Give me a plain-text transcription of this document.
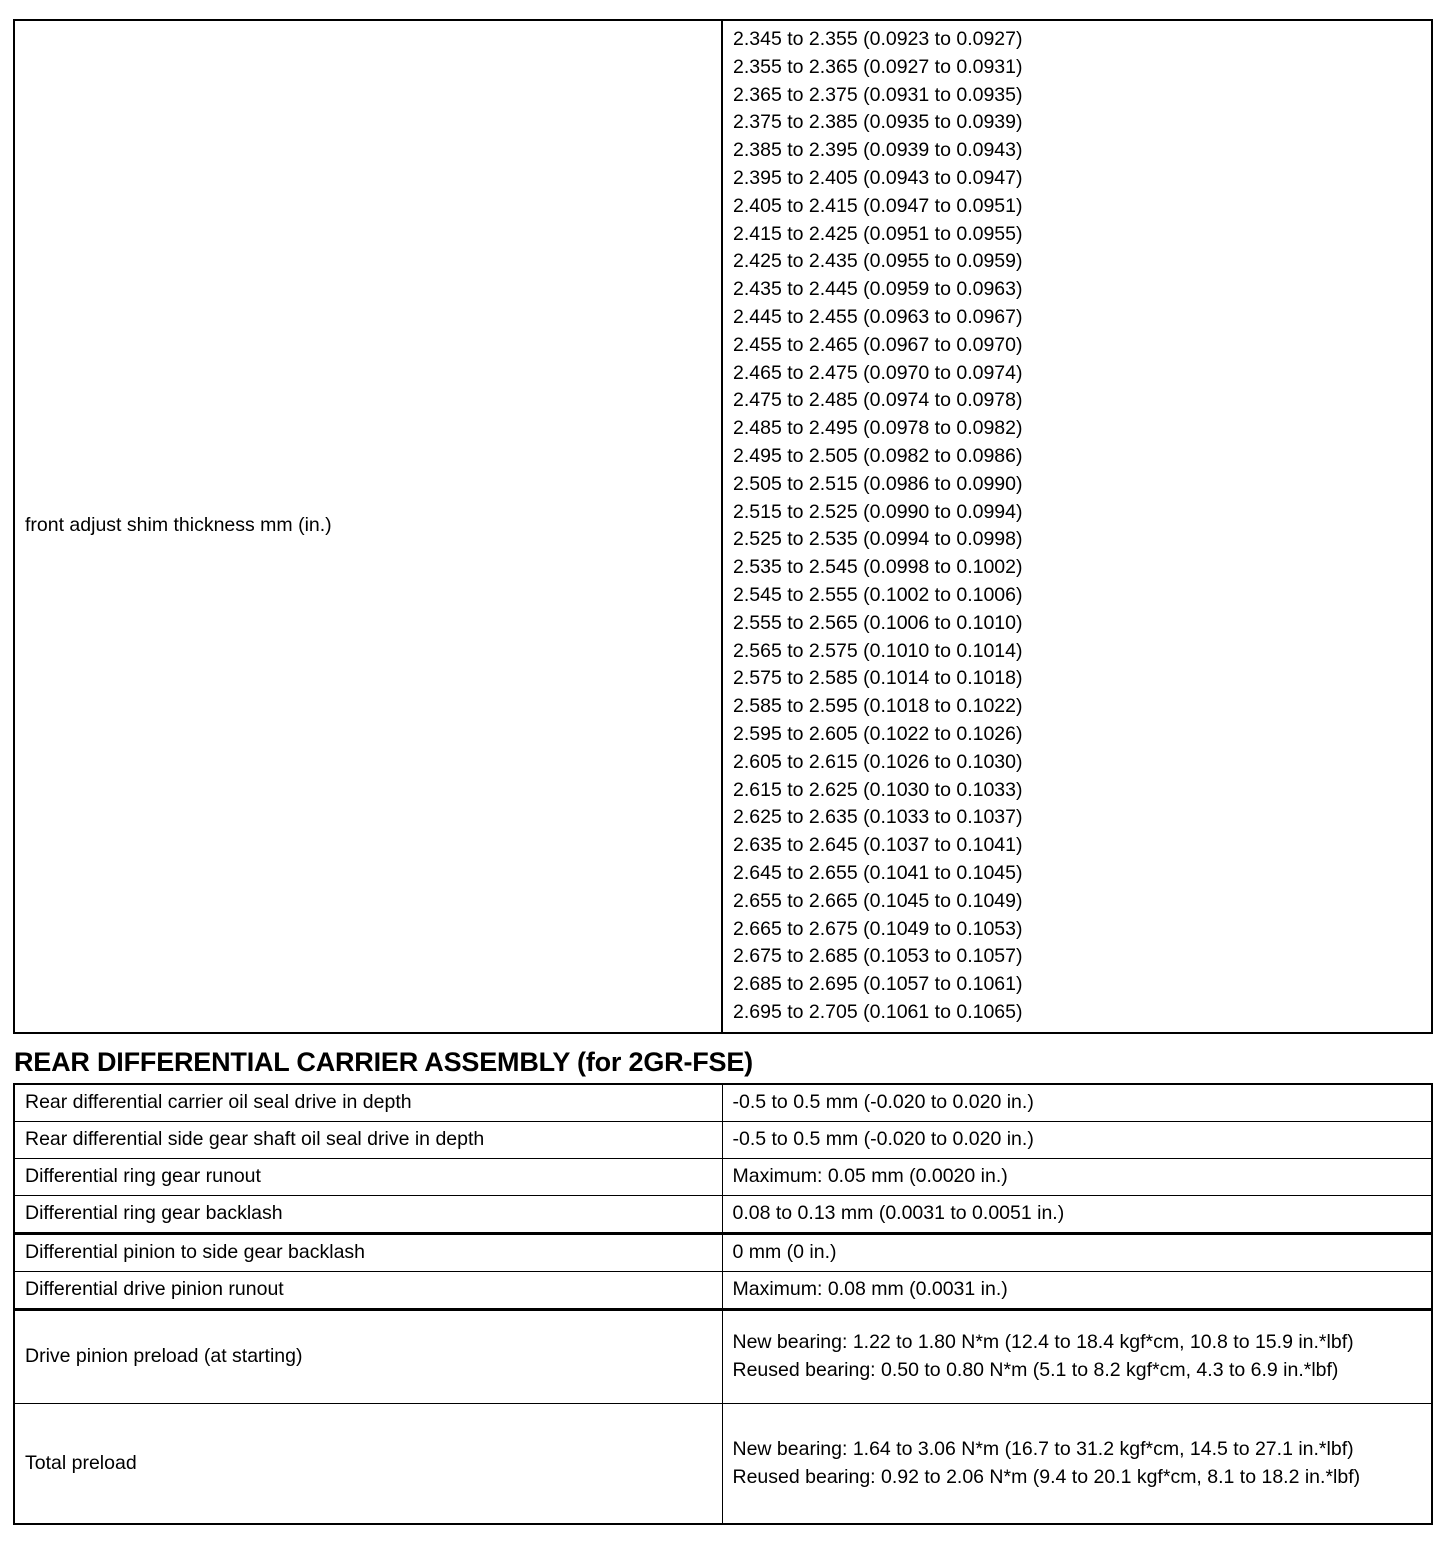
front adjust shim thickness mm (in.)	
2.345 to 2.355 (0.0923 to 0.0927)
2.355 to 2.365 (0.0927 to 0.0931)
2.365 to 2.375 (0.0931 to 0.0935)
2.375 to 2.385 (0.0935 to 0.0939)
2.385 to 2.395 (0.0939 to 0.0943)
2.395 to 2.405 (0.0943 to 0.0947)
2.405 to 2.415 (0.0947 to 0.0951)
2.415 to 2.425 (0.0951 to 0.0955)
2.425 to 2.435 (0.0955 to 0.0959)
2.435 to 2.445 (0.0959 to 0.0963)
2.445 to 2.455 (0.0963 to 0.0967)
2.455 to 2.465 (0.0967 to 0.0970)
2.465 to 2.475 (0.0970 to 0.0974)
2.475 to 2.485 (0.0974 to 0.0978)
2.485 to 2.495 (0.0978 to 0.0982)
2.495 to 2.505 (0.0982 to 0.0986)
2.505 to 2.515 (0.0986 to 0.0990)
2.515 to 2.525 (0.0990 to 0.0994)
2.525 to 2.535 (0.0994 to 0.0998)
2.535 to 2.545 (0.0998 to 0.1002)
2.545 to 2.555 (0.1002 to 0.1006)
2.555 to 2.565 (0.1006 to 0.1010)
2.565 to 2.575 (0.1010 to 0.1014)
2.575 to 2.585 (0.1014 to 0.1018)
2.585 to 2.595 (0.1018 to 0.1022)
2.595 to 2.605 (0.1022 to 0.1026)
2.605 to 2.615 (0.1026 to 0.1030)
2.615 to 2.625 (0.1030 to 0.1033)
2.625 to 2.635 (0.1033 to 0.1037)
2.635 to 2.645 (0.1037 to 0.1041)
2.645 to 2.655 (0.1041 to 0.1045)
2.655 to 2.665 (0.1045 to 0.1049)
2.665 to 2.675 (0.1049 to 0.1053)
2.675 to 2.685 (0.1053 to 0.1057)
2.685 to 2.695 (0.1057 to 0.1061)
2.695 to 2.705 (0.1061 to 0.1065)
REAR DIFFERENTIAL CARRIER ASSEMBLY (for 2GR-FSE)
Rear differential carrier oil seal drive in depth	-0.5 to 0.5 mm (-0.020 to 0.020 in.)

Rear differential side gear shaft oil seal drive in depth	-0.5 to 0.5 mm (-0.020 to 0.020 in.)

Differential ring gear runout	Maximum: 0.05 mm (0.0020 in.)

Differential ring gear backlash	0.08 to 0.13 mm (0.0031 to 0.0051 in.)

Differential pinion to side gear backlash	0 mm (0 in.)

Differential drive pinion runout	Maximum: 0.08 mm (0.0031 in.)

Drive pinion preload (at starting)	New bearing: 1.22 to 1.80 N*m (12.4 to 18.4 kgf*cm, 10.8 to 15.9 in.*lbf)
Reused bearing: 0.50 to 0.80 N*m (5.1 to 8.2 kgf*cm, 4.3 to 6.9 in.*lbf)

Total preload	New bearing: 1.64 to 3.06 N*m (16.7 to 31.2 kgf*cm, 14.5 to 27.1 in.*lbf)
Reused bearing: 0.92 to 2.06 N*m (9.4 to 20.1 kgf*cm, 8.1 to 18.2 in.*lbf)
